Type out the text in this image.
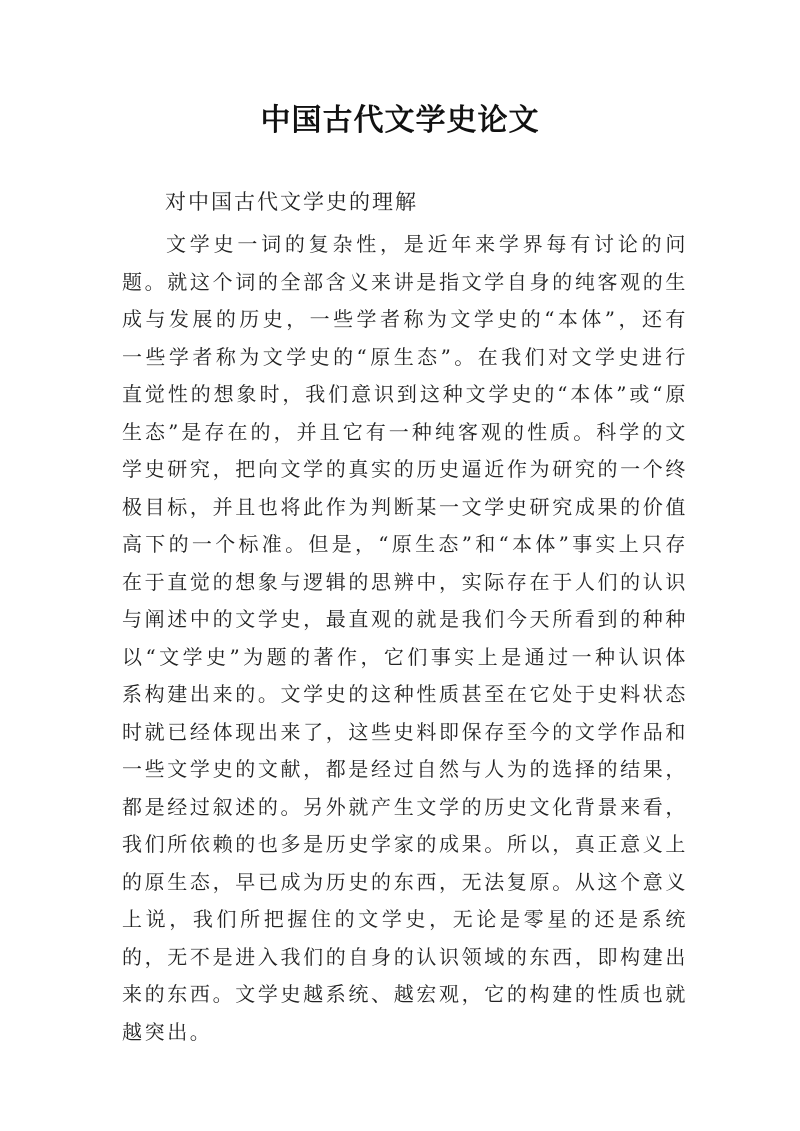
中国古代文学史论文
对中国古代文学史的理解

文学史一词的复杂性，是近年来学界每有讨论的问题。就这个词的全部含义来讲是指文学自身的纯客观的生成与发展的历史，一些学者称为文学史的“本体”，还有一些学者称为文学史的“原生态”。在我们对文学史进行直觉性的想象时，我们意识到这种文学史的“本体”或“原生态”是存在的，并且它有一种纯客观的性质。科学的文学史研究，把向文学的真实的历史逼近作为研究的一个终极目标，并且也将此作为判断某一文学史研究成果的价值高下的一个标准。但是，“原生态”和“本体”事实上只存在于直觉的想象与逻辑的思辨中，实际存在于人们的认识与阐述中的文学史，最直观的就是我们今天所看到的种种以“文学史”为题的著作，它们事实上是通过一种认识体系构建出来的。文学史的这种性质甚至在它处于史料状态时就已经体现出来了，这些史料即保存至今的文学作品和一些文学史的文献，都是经过自然与人为的选择的结果，都是经过叙述的。另外就产生文学的历史文化背景来看，我们所依赖的也多是历史学家的成果。所以，真正意义上的原生态，早已成为历史的东西，无法复原。从这个意义上说，我们所把握住的文学史，无论是零星的还是系统的，无不是进入我们的自身的认识领域的东西，即构建出来的东西。文学史越系统、越宏观，它的构建的性质也就越突出。
